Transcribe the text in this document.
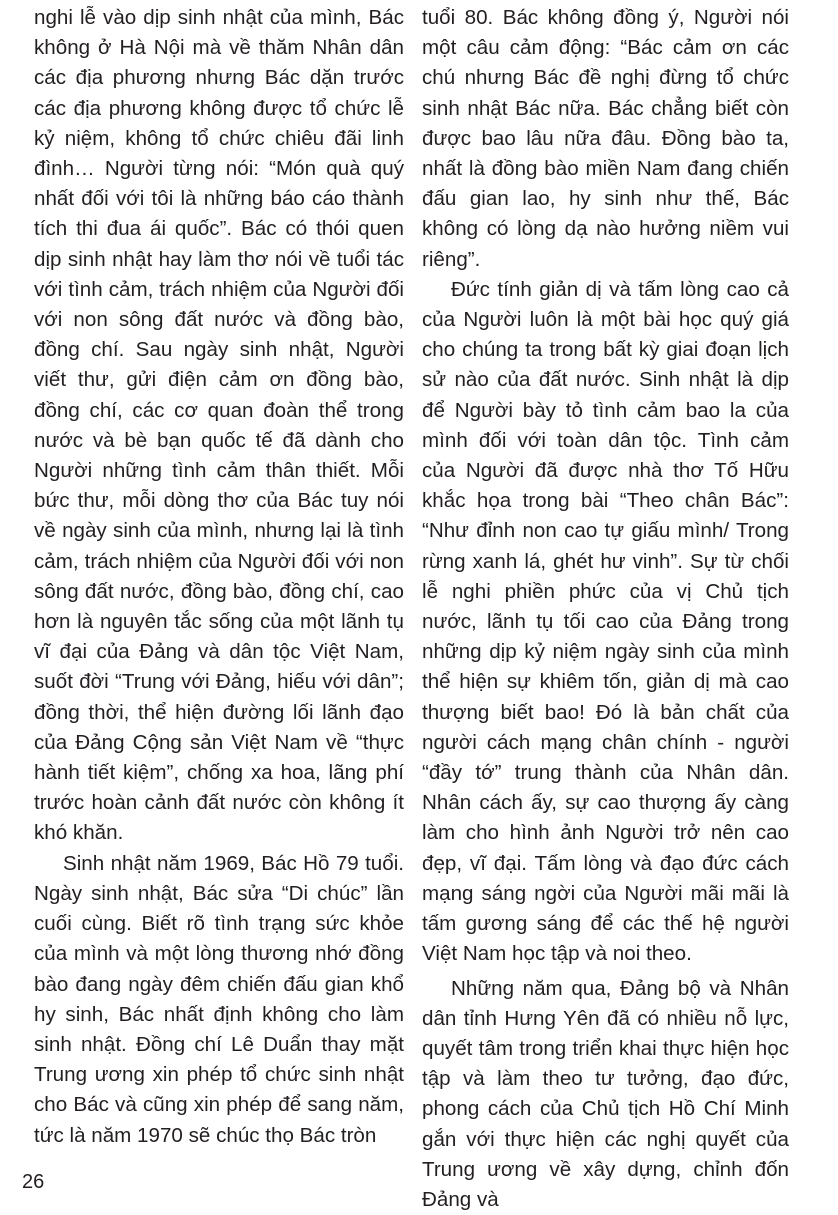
nghi lễ vào dịp sinh nhật của mình, Bác không ở Hà Nội mà về thăm Nhân dân các địa phương nhưng Bác dặn trước các địa phương không được tổ chức lễ kỷ niệm, không tổ chức chiêu đãi linh đình… Người từng nói: “Món quà quý nhất đối với tôi là những báo cáo thành tích thi đua ái quốc”. Bác có thói quen dịp sinh nhật hay làm thơ nói về tuổi tác với tình cảm, trách nhiệm của Người đối với non sông đất nước và đồng bào, đồng chí. Sau ngày sinh nhật, Người viết thư, gửi điện cảm ơn đồng bào, đồng chí, các cơ quan đoàn thể trong nước và bè bạn quốc tế đã dành cho Người những tình cảm thân thiết. Mỗi bức thư, mỗi dòng thơ của Bác tuy nói về ngày sinh của mình, nhưng lại là tình cảm, trách nhiệm của Người đối với non sông đất nước, đồng bào, đồng chí, cao hơn là nguyên tắc sống của một lãnh tụ vĩ đại của Đảng và dân tộc Việt Nam, suốt đời “Trung với Đảng, hiếu với dân”; đồng thời, thể hiện đường lối lãnh đạo của Đảng Cộng sản Việt Nam về “thực hành tiết kiệm”, chống xa hoa, lãng phí trước hoàn cảnh đất nước còn không ít khó khăn.

Sinh nhật năm 1969, Bác Hồ 79 tuổi. Ngày sinh nhật, Bác sửa “Di chúc” lần cuối cùng. Biết rõ tình trạng sức khỏe của mình và một lòng thương nhớ đồng bào đang ngày đêm chiến đấu gian khổ hy sinh, Bác nhất định không cho làm sinh nhật. Đồng chí Lê Duẩn thay mặt Trung ương xin phép tổ chức sinh nhật cho Bác và cũng xin phép để sang năm, tức là năm 1970 sẽ chúc thọ Bác tròn

tuổi 80. Bác không đồng ý, Người nói một câu cảm động: “Bác cảm ơn các chú nhưng Bác đề nghị đừng tổ chức sinh nhật Bác nữa. Bác chẳng biết còn được bao lâu nữa đâu. Đồng bào ta, nhất là đồng bào miền Nam đang chiến đấu gian lao, hy sinh như thế, Bác không có lòng dạ nào hưởng niềm vui riêng”.

Đức tính giản dị và tấm lòng cao cả của Người luôn là một bài học quý giá cho chúng ta trong bất kỳ giai đoạn lịch sử nào của đất nước. Sinh nhật là dịp để Người bày tỏ tình cảm bao la của mình đối với toàn dân tộc. Tình cảm của Người đã được nhà thơ Tố Hữu khắc họa trong bài “Theo chân Bác”: “Như đỉnh non cao tự giấu mình/ Trong rừng xanh lá, ghét hư vinh”. Sự từ chối lễ nghi phiền phức của vị Chủ tịch nước, lãnh tụ tối cao của Đảng trong những dịp kỷ niệm ngày sinh của mình thể hiện sự khiêm tốn, giản dị mà cao thượng biết bao! Đó là bản chất của người cách mạng chân chính - người “đầy tớ” trung thành của Nhân dân. Nhân cách ấy, sự cao thượng ấy càng làm cho hình ảnh Người trở nên cao đẹp, vĩ đại. Tấm lòng và đạo đức cách mạng sáng ngời của Người mãi mãi là tấm gương sáng để các thế hệ người Việt Nam học tập và noi theo.

Những năm qua, Đảng bộ và Nhân dân tỉnh Hưng Yên đã có nhiều nỗ lực, quyết tâm trong triển khai thực hiện học tập và làm theo tư tưởng, đạo đức, phong cách của Chủ tịch Hồ Chí Minh gắn với thực hiện các nghị quyết của Trung ương về xây dựng, chỉnh đốn Đảng và

26
